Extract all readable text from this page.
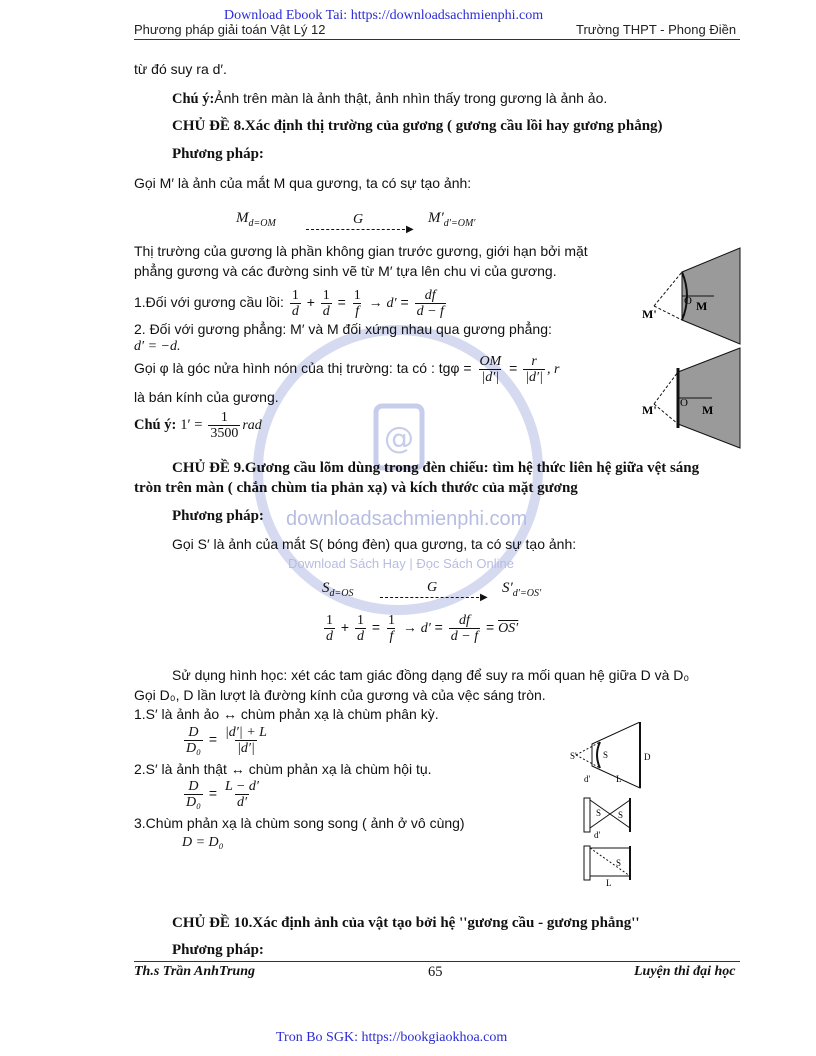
@
downloadsachmienphi.com
Download Sách Hay | Đọc Sách Online
Download Ebook Tai: https://downloadsachmienphi.com
Phương pháp giải toán Vật Lý 12	Trường THPT - Phong Điền
từ đó suy ra d′.
Chú ý:Ảnh trên màn là ảnh thật, ảnh nhìn thấy trong gương là ảnh ảo.
CHỦ ĐỀ 8.Xác định thị trường của gương ( gương cầu lồi hay gương phẳng)
Phương pháp:
Gọi M′ là ảnh của mắt M qua gương, ta có sự tạo ảnh:
$M_{d=OM}$	G
▶
$M'_{d'=OM'}$
Thị trường của gương là phần không gian trước gương, giới hạn bởi mặt
phẳng gương và các đường sinh vẽ từ M′ tựa lên chu vi của gương.
1.Đối với gương cầu lồi: $\frac{1}{d} + \frac{1}{d} = \frac{1}{f} \to d' = \frac{df}{d - f}$
2. Đối với gương phẳng: M′ và M đối xứng nhau qua gương phẳng:
d′ = −d.
Gọi φ là góc nửa hình nón của thị trường: ta có : $tg\varphi = \frac{OM}{|d'|} = \frac{r}{|d'|}$ , r
là bán kính của gương.
Chú ý: $1' = \frac{1}{3500}$ rad
M'
M
O
M'	M
O
CHỦ ĐỀ 9.Gương cầu lõm dùng trong đèn chiếu: tìm hệ thức liên hệ giữa vệt sáng
tròn trên màn ( chắn chùm tia phản xạ) và kích thước của mặt gương
Phương pháp:
Gọi S′ là ảnh của mắt S( bóng đèn) qua gương, ta có sự tạo ảnh:
$S_{d=OS}$	G
▶
$S'_{d'=OS'}$
$\frac{1}{d} + \frac{1}{d} = \frac{1}{f} \to d' = \frac{df}{d - f} = OS'$
Sử dụng hình học: xét các tam giác đồng dạng để suy ra mối quan hệ giữa D và D₀
Gọi D₀, D lần lượt là đường kính của gương và của vệc sáng tròn.
1.S′ là ảnh ảo ↔ chùm phản xạ là chùm phân kỳ.
$\frac{D}{\text{D₀}} = \frac{|d'| + L}{|d'|}$
2.S′ là ảnh thật ↔ chùm phản xạ là chùm hội tụ.
$\frac{D}{\text{D₀}} = \frac{L - d'}{d'}$
3.Chùm phản xạ là chùm song song ( ảnh ở vô cùng)
D = D₀
S'	S	D
d'	L
S S
d'
S
L
CHỦ ĐỀ 10.Xác định ảnh của vật tạo bởi hệ ''gương cầu - gương phẳng''
Phương pháp:
Th.s Trần AnhTrung	65	Luyện thi đại học
Tron Bo SGK: https://bookgiaokhoa.com
